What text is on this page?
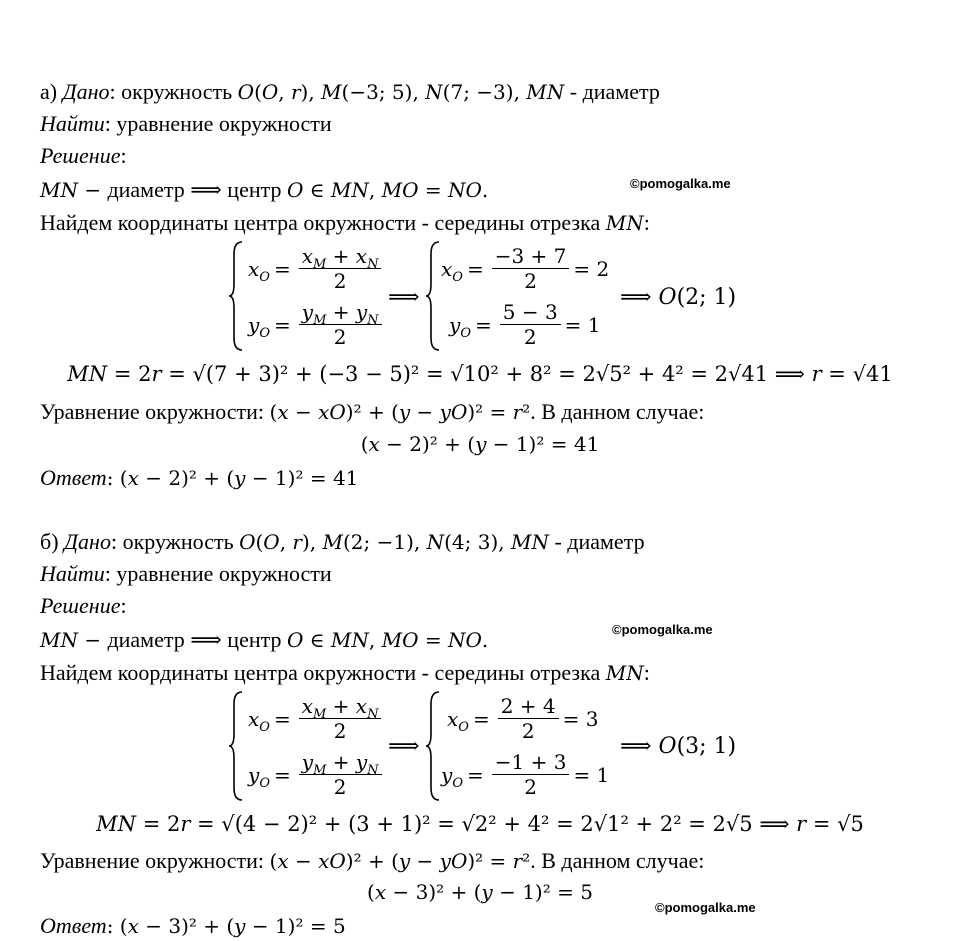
а) Дано: окружность 𝑂(𝑂, 𝑟), 𝑀(−3; 5), 𝑁(7; −3), 𝑀𝑁 - диаметр
Найти: уравнение окружности
Решение:
𝑀𝑁 − диаметр ⟹ центр 𝑂 ∈ 𝑀𝑁, 𝑀𝑂 = 𝑁𝑂.	©pomogalka.me
Найдем координаты центра окружности - середины отрезка 𝑀𝑁:
$x_O = \frac{x_M + x_N}{2}$
$y_O = \frac{y_M + y_N}{2}$
⟹
$x_O = \frac{-3 + 7}{2} = 2$
$y_O = \frac{5 - 3}{2} = 1$
⟹ 𝑂(2; 1)
𝑀𝑁 = 2𝑟 = √(7 + 3)² + (−3 − 5)² = √10² + 8² = 2√5² + 4² = 2√41 ⟹ 𝑟 = √41
Уравнение окружности: (𝑥 − 𝑥𝑂)² + (𝑦 − 𝑦𝑂)² = 𝑟². В данном случае:
(𝑥 − 2)² + (𝑦 − 1)² = 41
Ответ: (𝑥 − 2)² + (𝑦 − 1)² = 41
б) Дано: окружность 𝑂(𝑂, 𝑟), 𝑀(2; −1), 𝑁(4; 3), 𝑀𝑁 - диаметр
Найти: уравнение окружности
Решение:
𝑀𝑁 − диаметр ⟹ центр 𝑂 ∈ 𝑀𝑁, 𝑀𝑂 = 𝑁𝑂.	©pomogalka.me
Найдем координаты центра окружности - середины отрезка 𝑀𝑁:
$x_O = \frac{x_M + x_N}{2}$
$y_O = \frac{y_M + y_N}{2}$
⟹
$x_O = \frac{2 + 4}{2} = 3$
$y_O = \frac{-1 + 3}{2} = 1$
⟹ 𝑂(3; 1)
𝑀𝑁 = 2𝑟 = √(4 − 2)² + (3 + 1)² = √2² + 4² = 2√1² + 2² = 2√5 ⟹ 𝑟 = √5
Уравнение окружности: (𝑥 − 𝑥𝑂)² + (𝑦 − 𝑦𝑂)² = 𝑟². В данном случае:
(𝑥 − 3)² + (𝑦 − 1)² = 5
©pomogalka.me
Ответ: (𝑥 − 3)² + (𝑦 − 1)² = 5
